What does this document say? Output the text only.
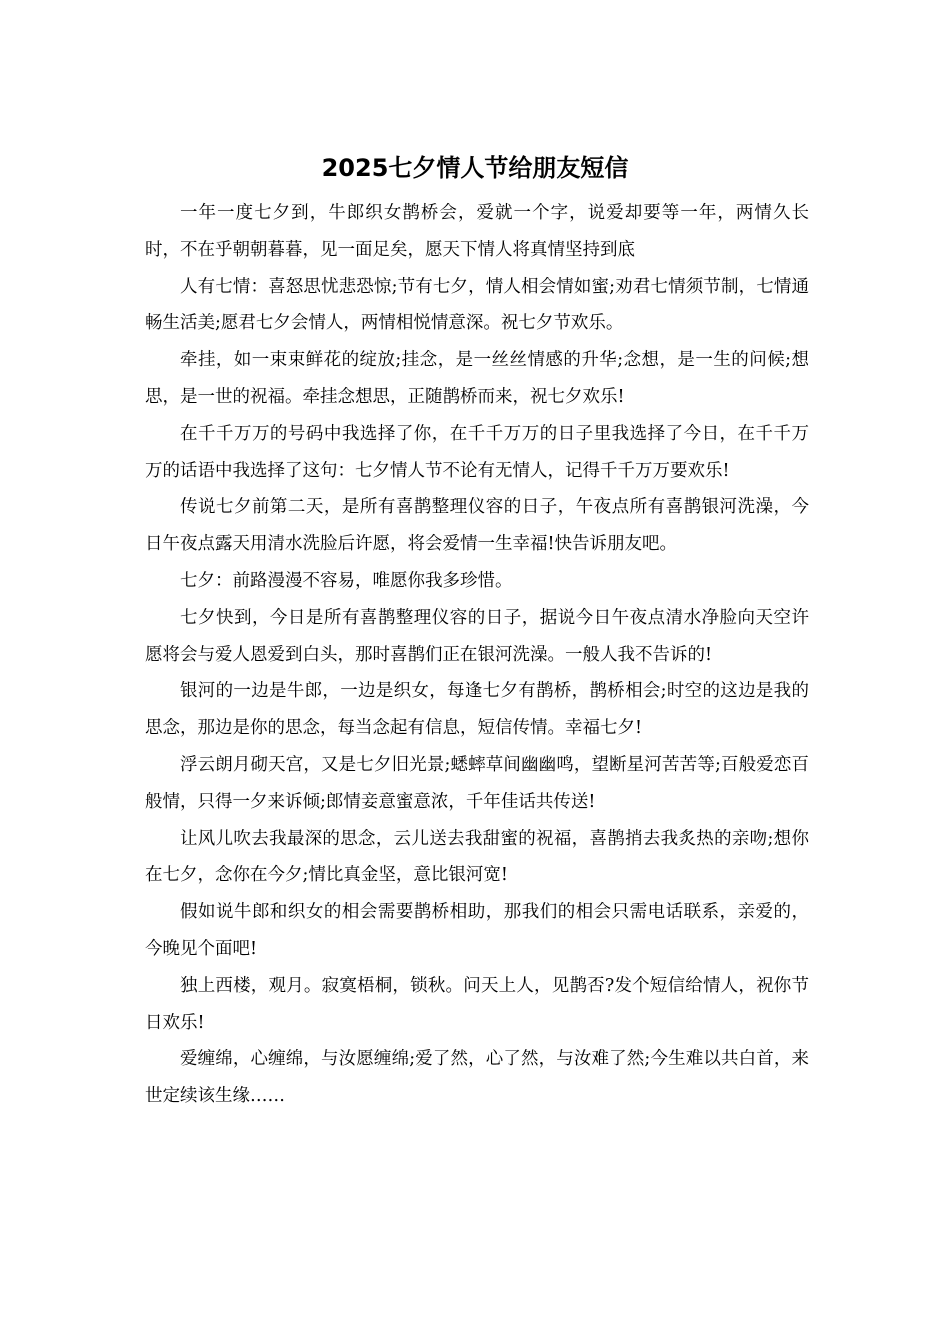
2025七夕情人节给朋友短信

一年一度七夕到，牛郎织女鹊桥会，爱就一个字，说爱却要等一年，两情久长时，不在乎朝朝暮暮，见一面足矣，愿天下情人将真情坚持到底

人有七情：喜怒思忧悲恐惊;节有七夕，情人相会情如蜜;劝君七情须节制，七情通畅生活美;愿君七夕会情人，两情相悦情意深。祝七夕节欢乐。

牵挂，如一束束鲜花的绽放;挂念，是一丝丝情感的升华;念想，是一生的问候;想思，是一世的祝福。牵挂念想思，正随鹊桥而来，祝七夕欢乐!

在千千万万的号码中我选择了你，在千千万万的日子里我选择了今日，在千千万万的话语中我选择了这句：七夕情人节不论有无情人，记得千千万万要欢乐!

传说七夕前第二天，是所有喜鹊整理仪容的日子，午夜点所有喜鹊银河洗澡，今日午夜点露天用清水洗脸后许愿，将会爱情一生幸福!快告诉朋友吧。

七夕：前路漫漫不容易，唯愿你我多珍惜。

七夕快到，今日是所有喜鹊整理仪容的日子，据说今日午夜点清水净脸向天空许愿将会与爱人恩爱到白头，那时喜鹊们正在银河洗澡。一般人我不告诉的!

银河的一边是牛郎，一边是织女，每逢七夕有鹊桥，鹊桥相会;时空的这边是我的思念，那边是你的思念，每当念起有信息，短信传情。幸福七夕!

浮云朗月砌天宫，又是七夕旧光景;蟋蟀草间幽幽鸣，望断星河苦苦等;百般爱恋百般情，只得一夕来诉倾;郎情妾意蜜意浓，千年佳话共传送!

让风儿吹去我最深的思念，云儿送去我甜蜜的祝福，喜鹊捎去我炙热的亲吻;想你在七夕，念你在今夕;情比真金坚，意比银河宽!

假如说牛郎和织女的相会需要鹊桥相助，那我们的相会只需电话联系，亲爱的，今晚见个面吧!

独上西楼，观月。寂寞梧桐，锁秋。问天上人，见鹊否?发个短信给情人，祝你节日欢乐!

爱缠绵，心缠绵，与汝愿缠绵;爱了然，心了然，与汝难了然;今生难以共白首，来世定续该生缘……
